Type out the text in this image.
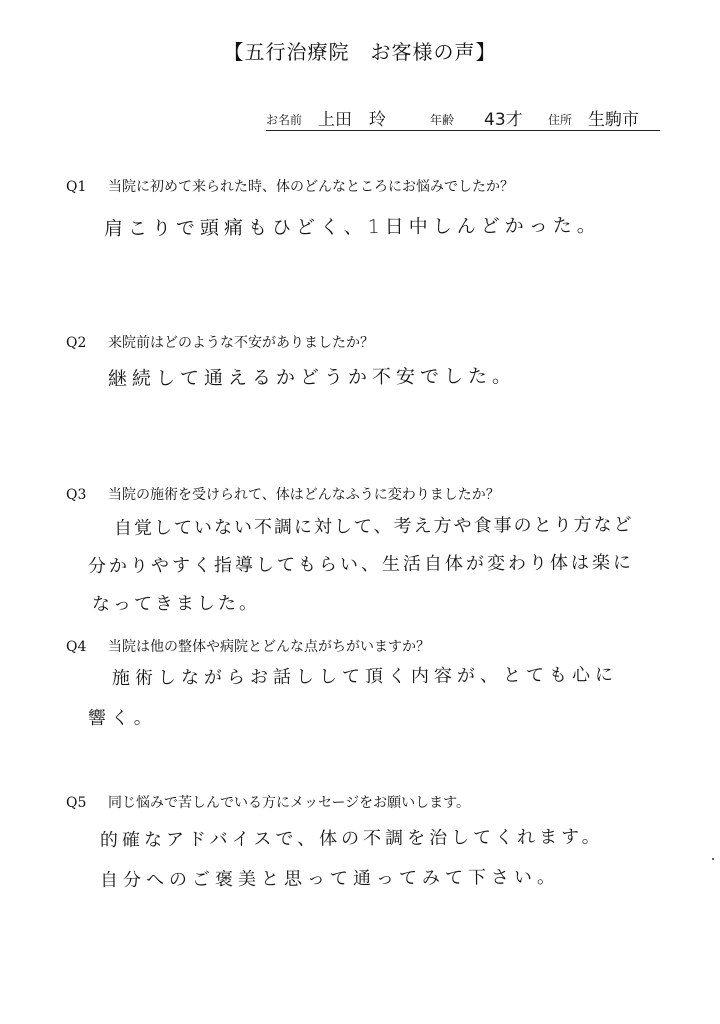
【五行治療院　お客様の声】
お名前 上田　玲	年齢 43才 住所 生駒市
Q1 当院に初めて来られた時、体のどんなところにお悩みでしたか？
肩こりで頭痛もひどく、1日中しんどかった。
Q2 来院前はどのような不安がありましたか？
継続して通えるかどうか不安でした。
Q3 当院の施術を受けられて、体はどんなふうに変わりましたか？
自覚していない不調に対して、考え方や食事のとり方など
分かりやすく指導してもらい、生活自体が変わり体は楽に
なってきました。
Q4 当院は他の整体や病院とどんな点がちがいますか？
施術しながらお話しして頂く内容が、とても心に
響く。
Q5 同じ悩みで苦しんでいる方にメッセージをお願いします。
的確なアドバイスで、体の不調を治してくれます。
自分へのご褒美と思って通ってみて下さい。
